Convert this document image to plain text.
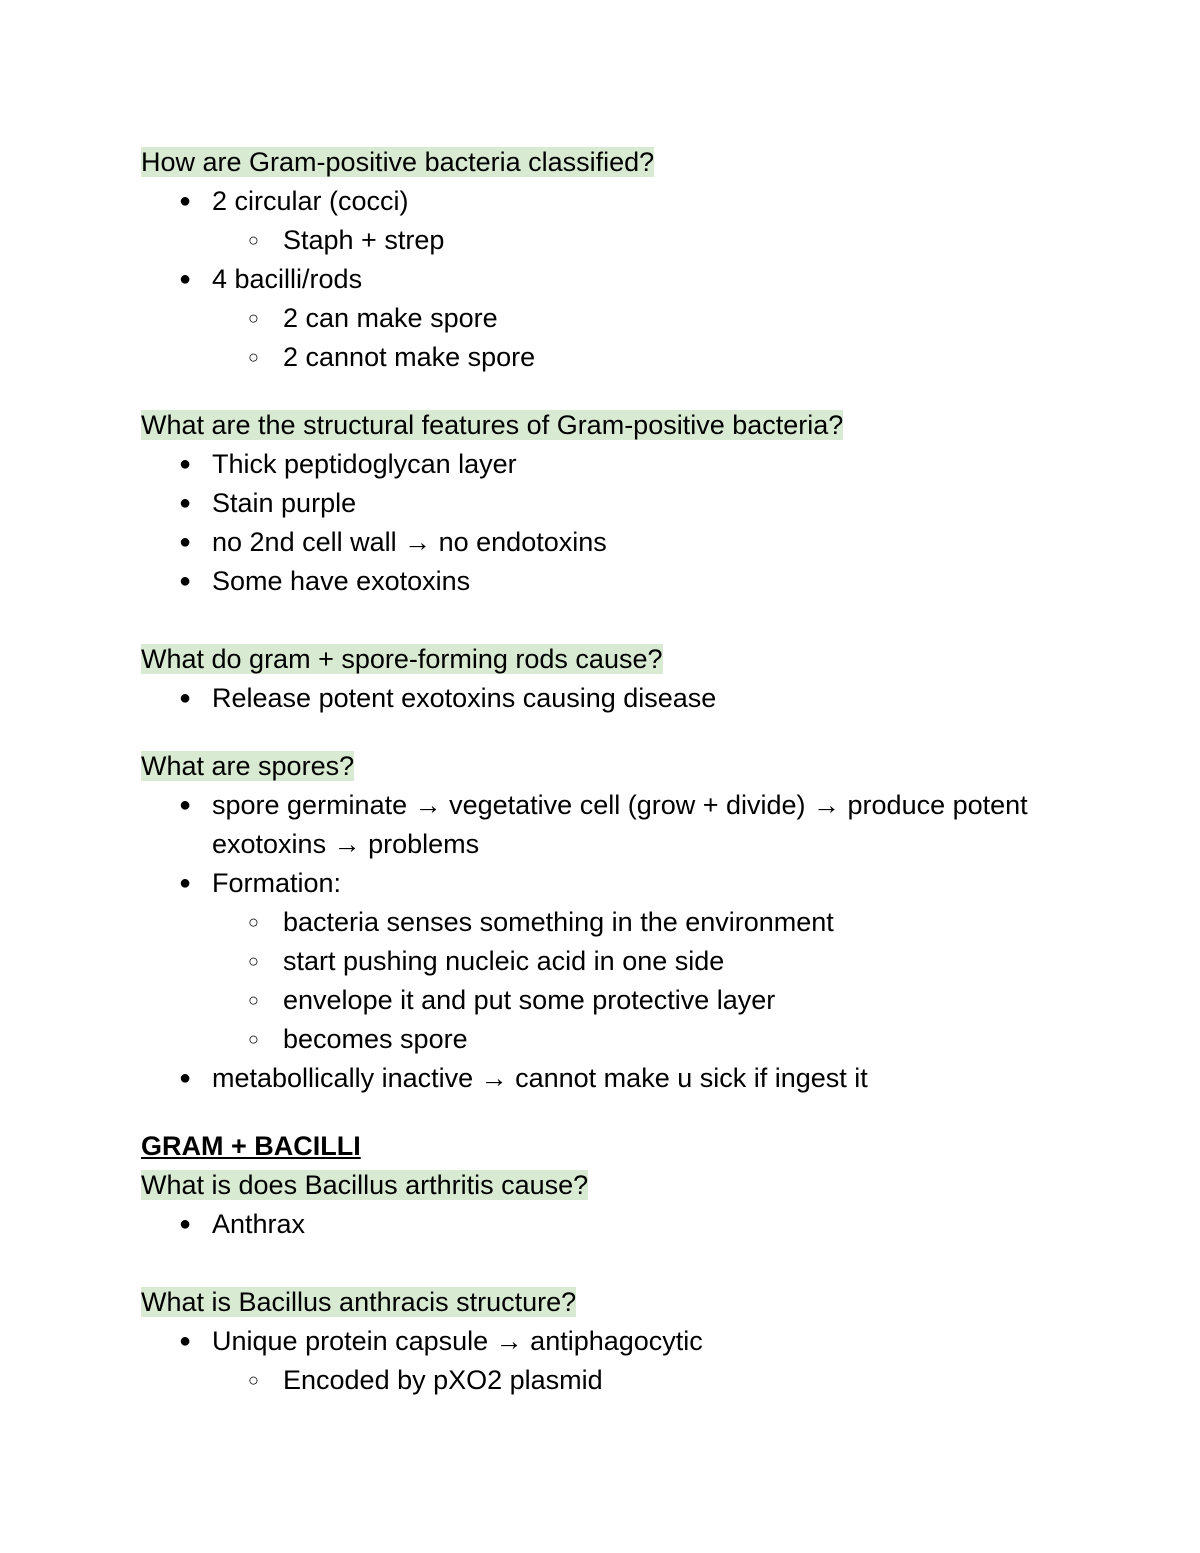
How are Gram-positive bacteria classified?
● 2 circular (cocci)
○ Staph + strep
● 4 bacilli/rods
○ 2 can make spore
○ 2 cannot make spore
What are the structural features of Gram-positive bacteria?
● Thick peptidoglycan layer
● Stain purple
● no 2nd cell wall → no endotoxins
● Some have exotoxins
What do gram + spore-forming rods cause?
● Release potent exotoxins causing disease
What are spores?
● spore germinate → vegetative cell (grow + divide) → produce potent exotoxins → problems
● Formation:
○ bacteria senses something in the environment
○ start pushing nucleic acid in one side
○ envelope it and put some protective layer
○ becomes spore
● metabollically inactive → cannot make u sick if ingest it
GRAM + BACILLI
What is does Bacillus arthritis cause?
● Anthrax
What is Bacillus anthracis structure?
● Unique protein capsule → antiphagocytic
○ Encoded by pXO2 plasmid
